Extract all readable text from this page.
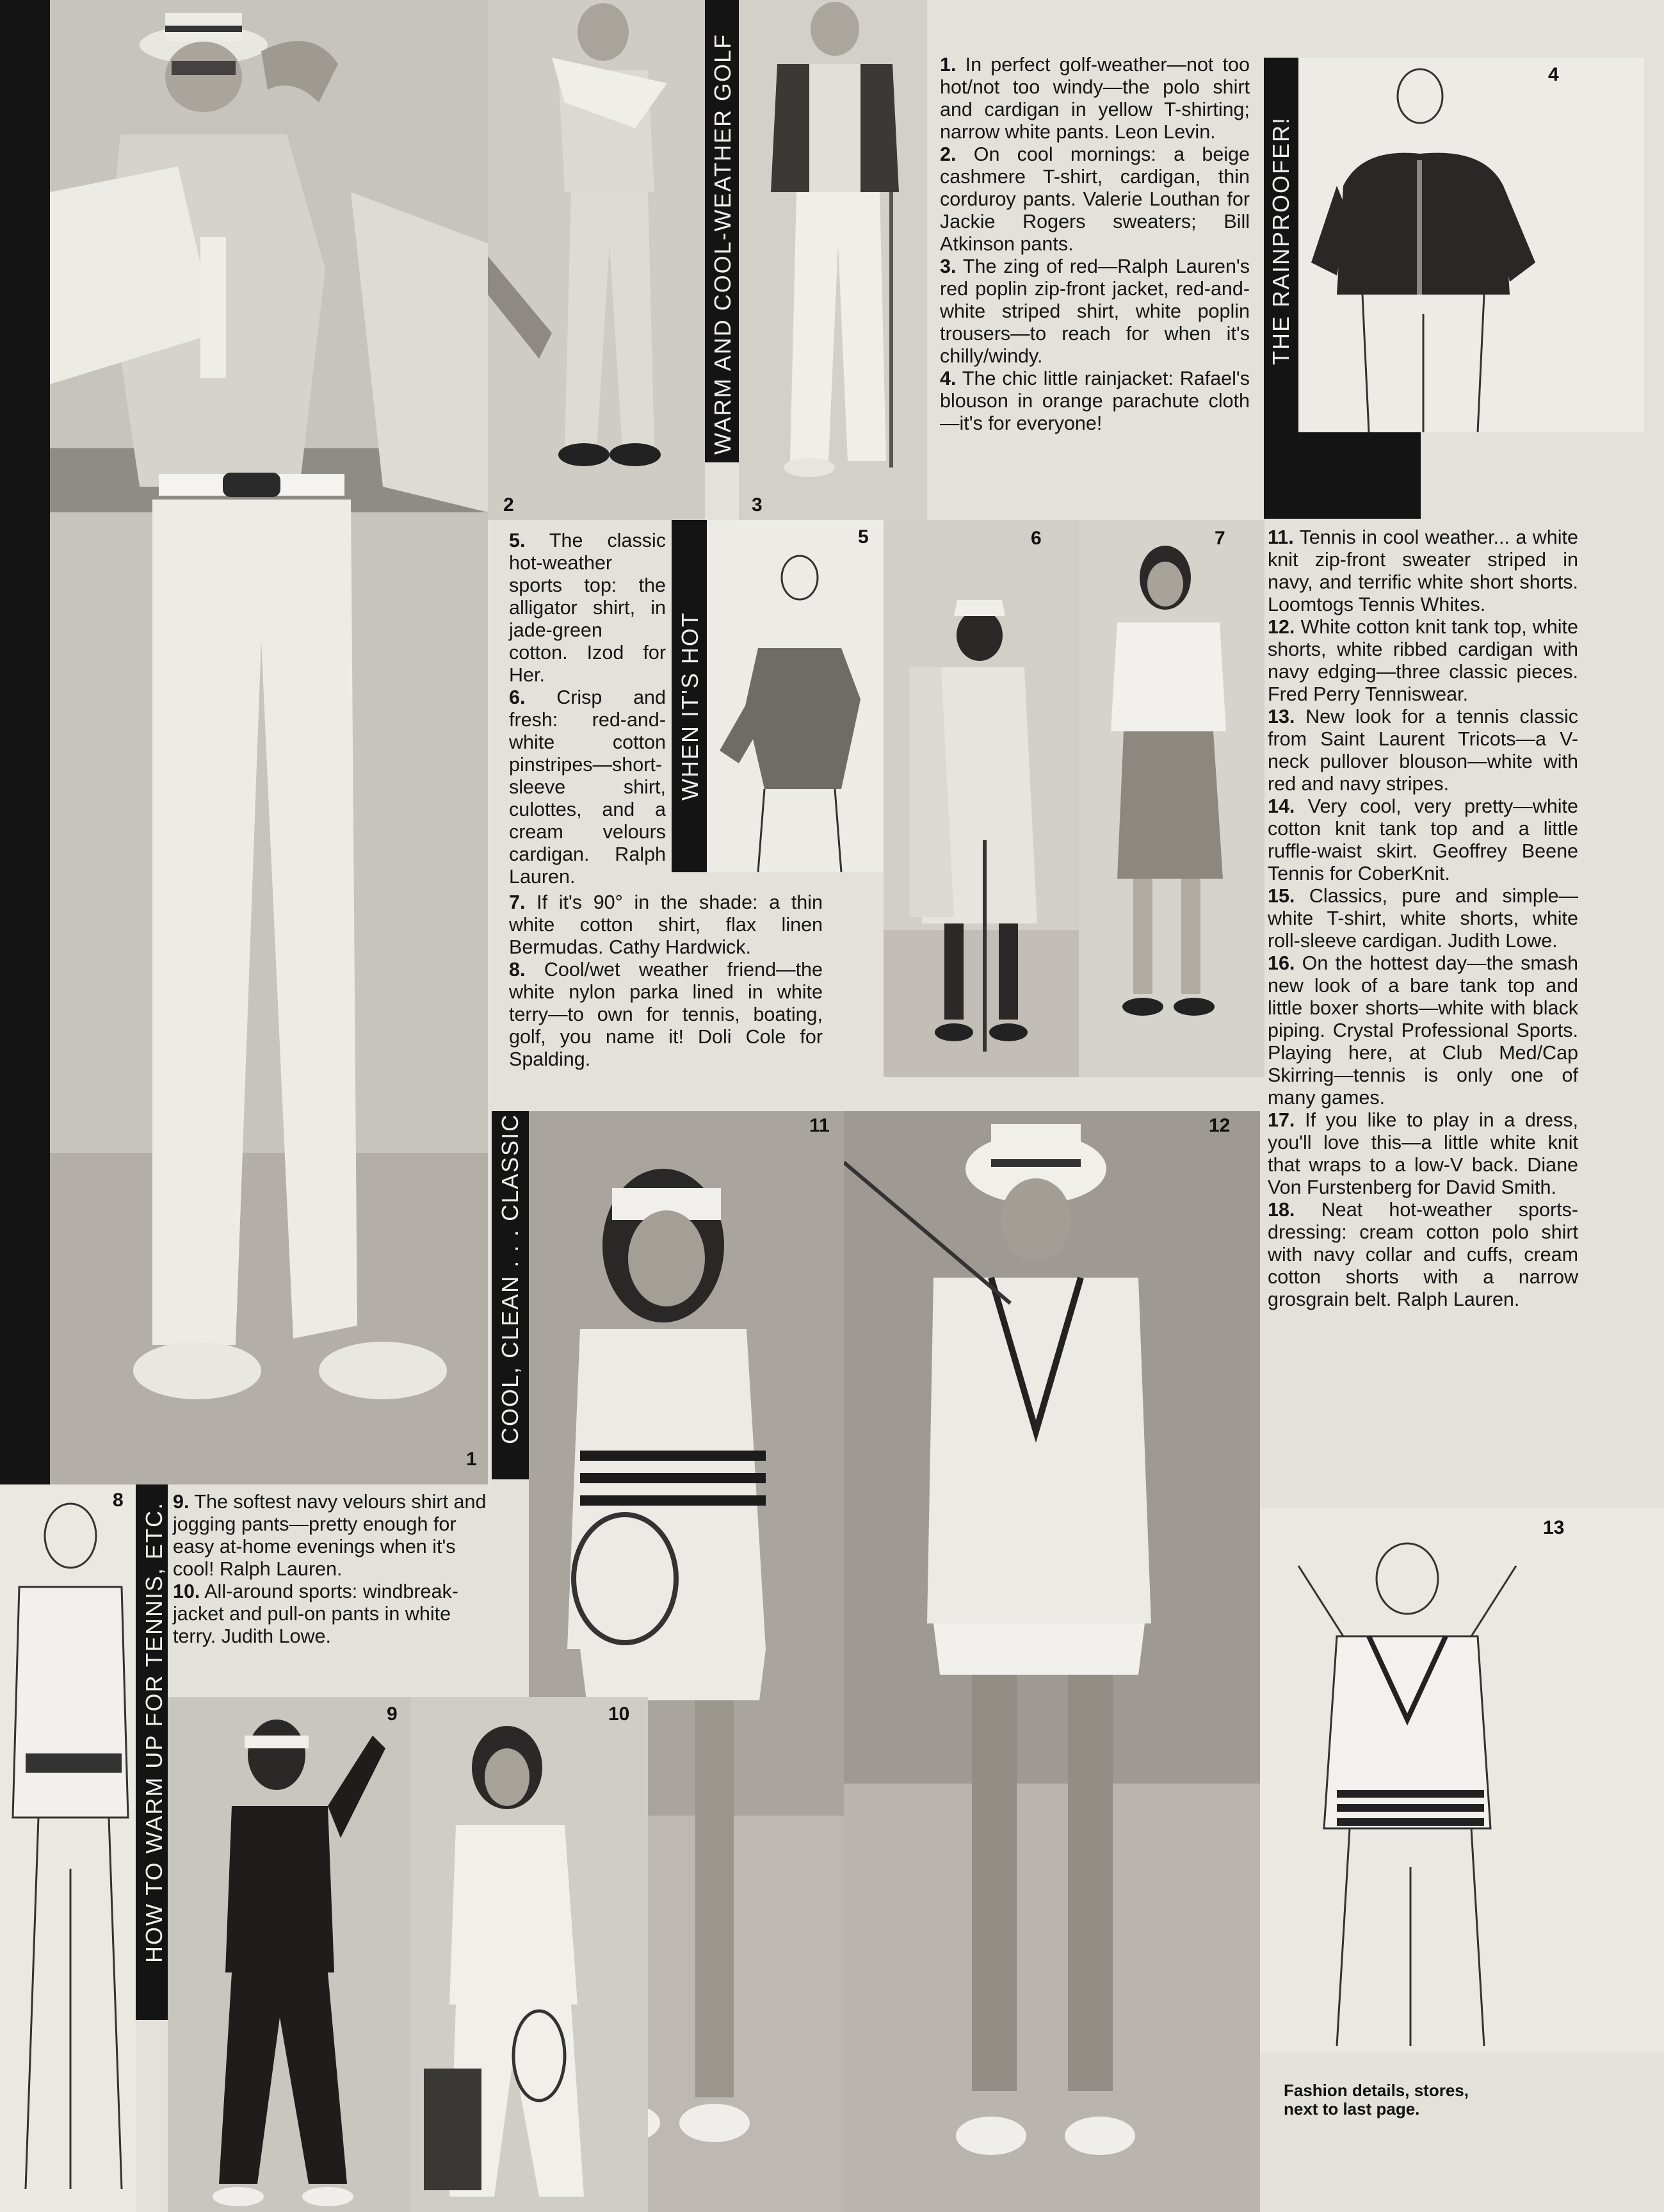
1
2
WARM AND COOL-WEATHER GOLF
3

1. In perfect golf-weather—not too hot/not too windy—the polo shirt and cardigan in yellow T-shirting; narrow white pants. Leon Levin.

2. On cool mornings: a beige cashmere T-shirt, cardigan, thin corduroy pants. Valerie Louthan for Jackie Rogers sweaters; Bill Atkinson pants.

3. The zing of red—Ralph Lauren's red poplin zip-front jacket, red-and-white striped shirt, white poplin trousers—to reach for when it's chilly/windy.

4. The chic little rainjacket: Rafael's blouson in orange parachute cloth—it's for everyone!

THE RAINPROOFER!
4

5. The classic hot-weather sports top: the alligator shirt, in jade-green cotton. Izod for Her.

6. Crisp and fresh: red-and-white cotton pinstripes—short-sleeve shirt, culottes, and a cream velours cardigan. Ralph Lauren.

7. If it's 90° in the shade: a thin white cotton shirt, flax linen Bermudas. Cathy Hardwick.

8. Cool/wet weather friend—the white nylon parka lined in white terry—to own for tennis, boating, golf, you name it! Doli Cole for Spalding.

WHEN IT'S HOT
5	6	7 11. Tennis in cool weather... a white knit zip-front sweater striped in navy, and terrific white short shorts. Loomtogs Tennis Whites.

12. White cotton knit tank top, white shorts, white ribbed cardigan with navy edging—three classic pieces. Fred Perry Tenniswear.

13. New look for a tennis classic from Saint Laurent Tricots—a V-neck pullover blouson—white with red and navy stripes.

14. Very cool, very pretty—white cotton knit tank top and a little ruffle-waist skirt. Geoffrey Beene Tennis for CoberKnit.

15. Classics, pure and simple—white T-shirt, white shorts, white roll-sleeve cardigan. Judith Lowe.

16. On the hottest day—the smash new look of a bare tank top and little boxer shorts—white with black piping. Crystal Professional Sports. Playing here, at Club Med/Cap Skirring—tennis is only one of many games.

17. If you like to play in a dress, you'll love this—a little white knit that wraps to a low-V back. Diane Von Furstenberg for David Smith.

18. Neat hot-weather sports-dressing: cream cotton polo shirt with navy collar and cuffs, cream cotton shorts with a narrow grosgrain belt. Ralph Lauren.

COOL, CLEAN . . . CLASSIC	11	12
13
Fashion details, stores,
next to last page.
8
HOW TO WARM UP FOR TENNIS, ETC. 9. The softest navy velours shirt and jogging pants—pretty enough for easy at-home evenings when it's cool! Ralph Lauren.

10. All-around sports: windbreak-jacket and pull-on pants in white terry. Judith Lowe.

9	10
